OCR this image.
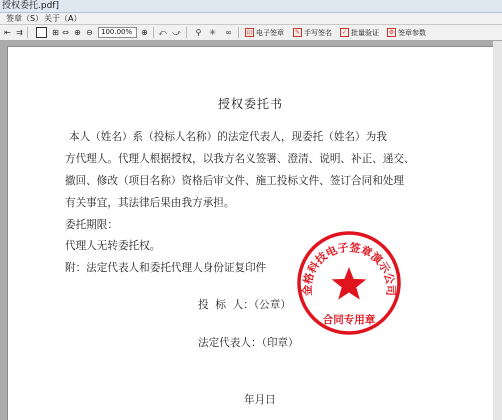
授权委托.pdf]
签章（S） 关于（A）
⇤ ⇉	⊞ ⇔ ⊕ ⊖	100.00%	⊕ ⤺ ⤻	⚲ ✳ ∞	印 电子签章	✎ 手写签名	✓ 批量验证 ⚙ 签章参数
授权委托书
本人（姓名）系（投标人名称）的法定代表人，现委托（姓名）为我
方代理人。代理人根据授权，以我方名义签署、澄清、说明、补正、递交、
撤回、修改（项目名称）资格后审文件、施工投标文件、签订合同和处理
有关事宜，其法律后果由我方承担。
委托期限：
代理人无转委托权。
附：法定代表人和委托代理人身份证复印件
投  标  人：（公章）
法定代表人：（印章）
年月日
金格科技电子签章演示公司
合同专用章
